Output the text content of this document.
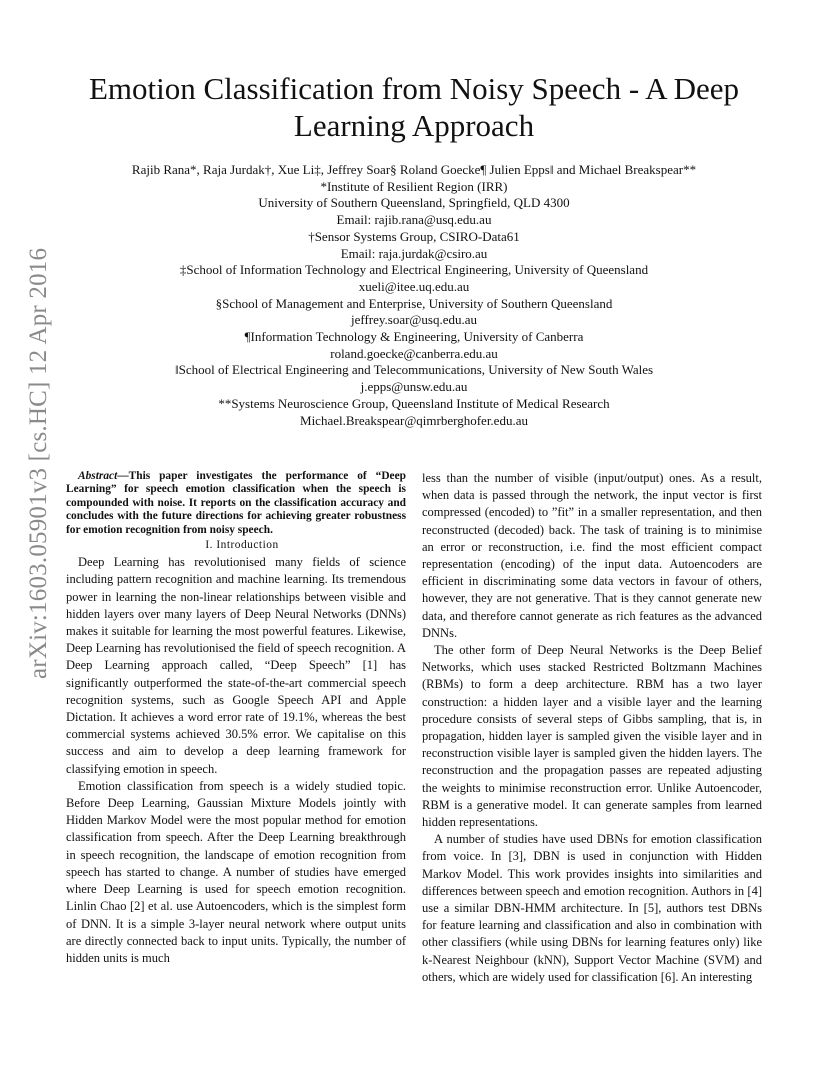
arXiv:1603.05901v3 [cs.HC] 12 Apr 2016
Emotion Classification from Noisy Speech - A Deep Learning Approach
Rajib Rana*, Raja Jurdak†, Xue Li‡, Jeffrey Soar§ Roland Goecke¶ Julien Epps‖ and Michael Breakspear**
*Institute of Resilient Region (IRR)
University of Southern Queensland, Springfield, QLD 4300
Email: rajib.rana@usq.edu.au
†Sensor Systems Group, CSIRO-Data61
Email: raja.jurdak@csiro.au
‡School of Information Technology and Electrical Engineering, University of Queensland
xueli@itee.uq.edu.au
§School of Management and Enterprise, University of Southern Queensland
jeffrey.soar@usq.edu.au
¶Information Technology & Engineering, University of Canberra
roland.goecke@canberra.edu.au
‖School of Electrical Engineering and Telecommunications, University of New South Wales
j.epps@unsw.edu.au
**Systems Neuroscience Group, Queensland Institute of Medical Research
Michael.Breakspear@qimrberghofer.edu.au

Abstract—This paper investigates the performance of “Deep Learning” for speech emotion classification when the speech is compounded with noise. It reports on the classification accuracy and concludes with the future directions for achieving greater robustness for emotion recognition from noisy speech.

I. Introduction

Deep Learning has revolutionised many fields of science including pattern recognition and machine learning. Its tremendous power in learning the non-linear relationships between visible and hidden layers over many layers of Deep Neural Networks (DNNs) makes it suitable for learning the most powerful features. Likewise, Deep Learning has revolutionised the field of speech recognition. A Deep Learning approach called, “Deep Speech” [1] has significantly outperformed the state-of-the-art commercial speech recognition systems, such as Google Speech API and Apple Dictation. It achieves a word error rate of 19.1%, whereas the best commercial systems achieved 30.5% error. We capitalise on this success and aim to develop a deep learning framework for classifying emotion in speech.

Emotion classification from speech is a widely studied topic. Before Deep Learning, Gaussian Mixture Models jointly with Hidden Markov Model were the most popular method for emotion classification from speech. After the Deep Learning breakthrough in speech recognition, the landscape of emotion recognition from speech has started to change. A number of studies have emerged where Deep Learning is used for speech emotion recognition. Linlin Chao [2] et al. use Autoencoders, which is the simplest form of DNN. It is a simple 3-layer neural network where output units are directly connected back to input units. Typically, the number of hidden units is much

less than the number of visible (input/output) ones. As a result, when data is passed through the network, the input vector is first compressed (encoded) to ”fit” in a smaller representation, and then reconstructed (decoded) back. The task of training is to minimise an error or reconstruction, i.e. find the most efficient compact representation (encoding) of the input data. Autoencoders are efficient in discriminating some data vectors in favour of others, however, they are not generative. That is they cannot generate new data, and therefore cannot generate as rich features as the advanced DNNs.

The other form of Deep Neural Networks is the Deep Belief Networks, which uses stacked Restricted Boltzmann Machines (RBMs) to form a deep architecture. RBM has a two layer construction: a hidden layer and a visible layer and the learning procedure consists of several steps of Gibbs sampling, that is, in propagation, hidden layer is sampled given the visible layer and in reconstruction visible layer is sampled given the hidden layers. The reconstruction and the propagation passes are repeated adjusting the weights to minimise reconstruction error. Unlike Autoencoder, RBM is a generative model. It can generate samples from learned hidden representations.

A number of studies have used DBNs for emotion classification from voice. In [3], DBN is used in conjunction with Hidden Markov Model. This work provides insights into similarities and differences between speech and emotion recognition. Authors in [4] use a similar DBN-HMM architecture. In [5], authors test DBNs for feature learning and classification and also in combination with other classifiers (while using DBNs for learning features only) like k-Nearest Neighbour (kNN), Support Vector Machine (SVM) and others, which are widely used for classification [6]. An interesting
